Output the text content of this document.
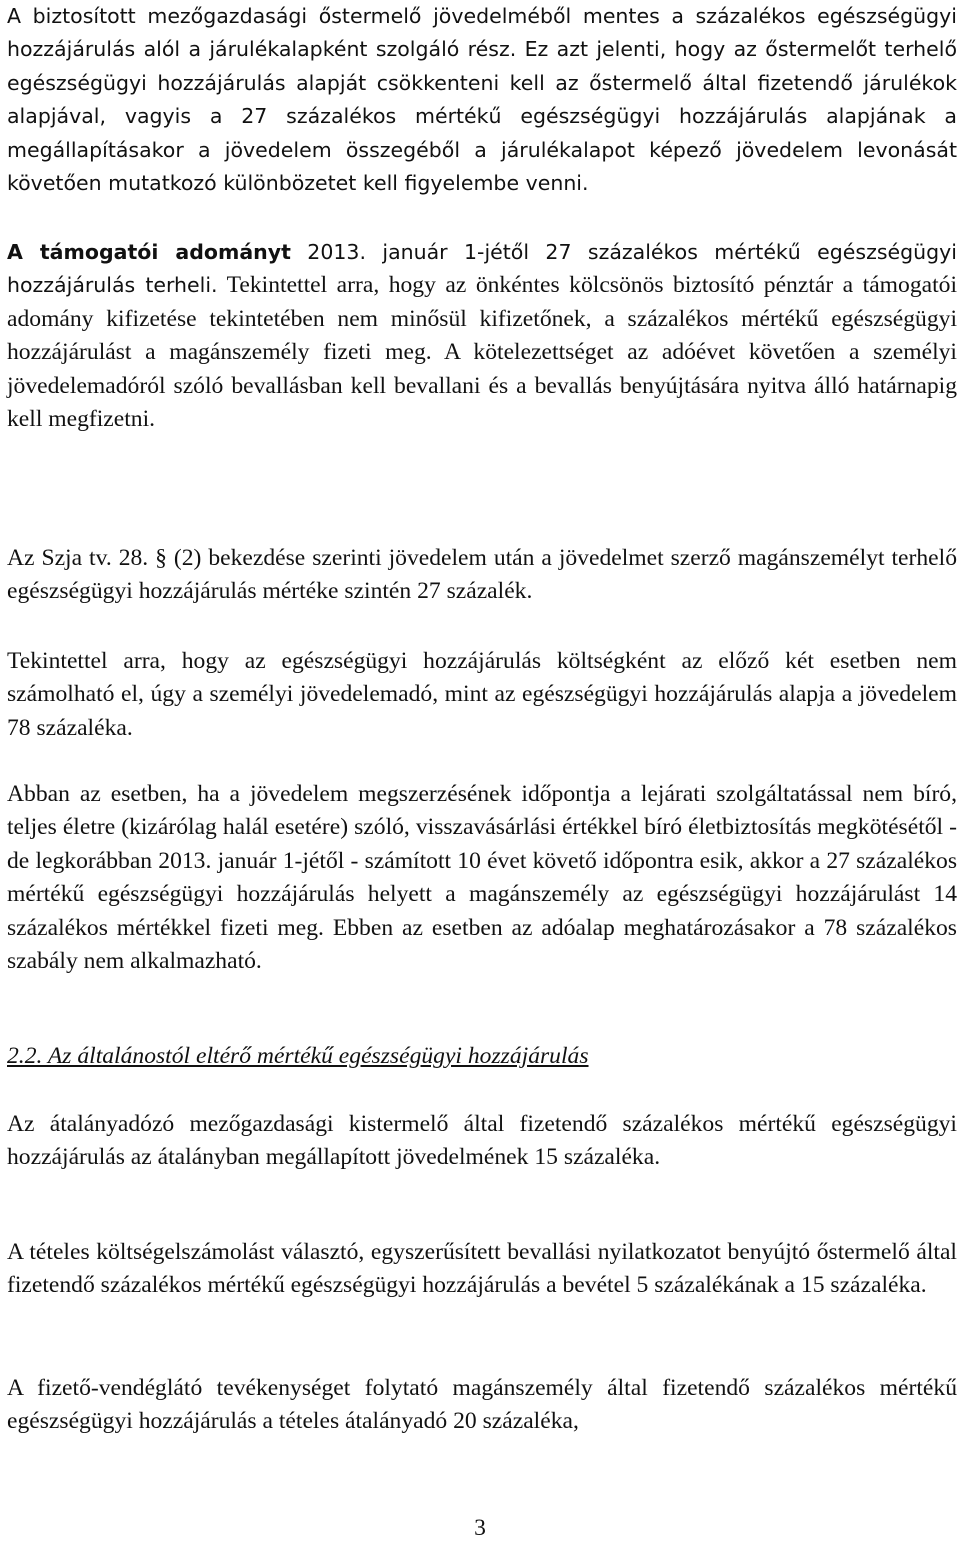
A biztosított mezőgazdasági őstermelő jövedelméből mentes a százalékos egészségügyi hozzájárulás alól a járulékalapként szolgáló rész. Ez azt jelenti, hogy az őstermelőt terhelő egészségügyi hozzájárulás alapját csökkenteni kell az őstermelő által fizetendő járulékok alapjával, vagyis a 27 százalékos mértékű egészségügyi hozzájárulás alapjának a megállapításakor a jövedelem összegéből a járulékalapot képező jövedelem levonását követően mutatkozó különbözetet kell figyelembe venni.

A támogatói adományt 2013. január 1-jétől 27 százalékos mértékű egészségügyi hozzájárulás terheli. Tekintettel arra, hogy az önkéntes kölcsönös biztosító pénztár a támogatói adomány kifizetése tekintetében nem minősül kifizetőnek, a százalékos mértékű egészségügyi hozzájárulást a magánszemély fizeti meg. A kötelezettséget az adóévet követően a személyi jövedelemadóról szóló bevallásban kell bevallani és a bevallás benyújtására nyitva álló határnapig kell megfizetni.

Az Szja tv. 28. § (2) bekezdése szerinti jövedelem után a jövedelmet szerző magánszemélyt terhelő egészségügyi hozzájárulás mértéke szintén 27 százalék.

Tekintettel arra, hogy az egészségügyi hozzájárulás költségként az előző két esetben nem számolható el, úgy a személyi jövedelemadó, mint az egészségügyi hozzájárulás alapja a jövedelem 78 százaléka.

Abban az esetben, ha a jövedelem megszerzésének időpontja a lejárati szolgáltatással nem bíró, teljes életre (kizárólag halál esetére) szóló, visszavásárlási értékkel bíró életbiztosítás megkötésétől - de legkorábban 2013. január 1-jétől - számított 10 évet követő időpontra esik, akkor a 27 százalékos mértékű egészségügyi hozzájárulás helyett a magánszemély az egészségügyi hozzájárulást 14 százalékos mértékkel fizeti meg. Ebben az esetben az adóalap meghatározásakor a 78 százalékos szabály nem alkalmazható.

2.2. Az általánostól eltérő mértékű egészségügyi hozzájárulás

Az átalányadózó mezőgazdasági kistermelő által fizetendő százalékos mértékű egészségügyi hozzájárulás az átalányban megállapított jövedelmének 15 százaléka.

A tételes költségelszámolást választó, egyszerűsített bevallási nyilatkozatot benyújtó őstermelő által fizetendő százalékos mértékű egészségügyi hozzájárulás a bevétel 5 százalékának a 15 százaléka.

A fizető-vendéglátó tevékenységet folytató magánszemély által fizetendő százalékos mértékű egészségügyi hozzájárulás a tételes átalányadó 20 százaléka,

3
